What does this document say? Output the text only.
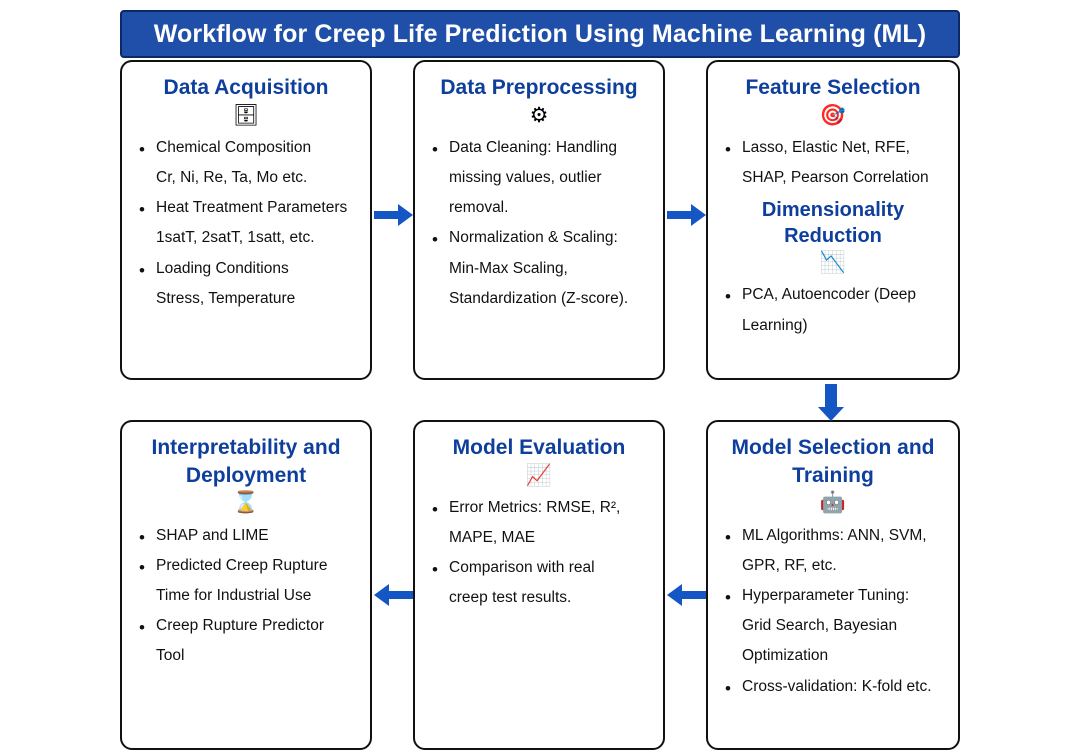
Workflow for Creep Life Prediction Using Machine Learning (ML)
Data Acquisition
🗄
• Chemical Composition
Cr, Ni, Re, Ta, Mo etc.
• Heat Treatment Parameters
1satT, 2satT, 1satt, etc.
• Loading Conditions
Stress, Temperature
Data Preprocessing
⚙
• Data Cleaning: Handling
missing values, outlier
removal.
• Normalization & Scaling:
Min-Max Scaling,
Standardization (Z-score).
Feature Selection
🎯
• Lasso, Elastic Net, RFE,
SHAP, Pearson Correlation
Dimensionality Reduction
📉
• PCA, Autoencoder (Deep
Learning)
Model Selection and Training
🤖
• ML Algorithms: ANN, SVM,
GPR, RF, etc.
• Hyperparameter Tuning:
Grid Search, Bayesian
Optimization
• Cross-validation: K-fold etc.
Model Evaluation
📈
• Error Metrics: RMSE, R²,
MAPE, MAE
• Comparison with real
creep test results.
Interpretability and Deployment
⌛
• SHAP and LIME
• Predicted Creep Rupture
Time for Industrial Use
• Creep Rupture Predictor
Tool
